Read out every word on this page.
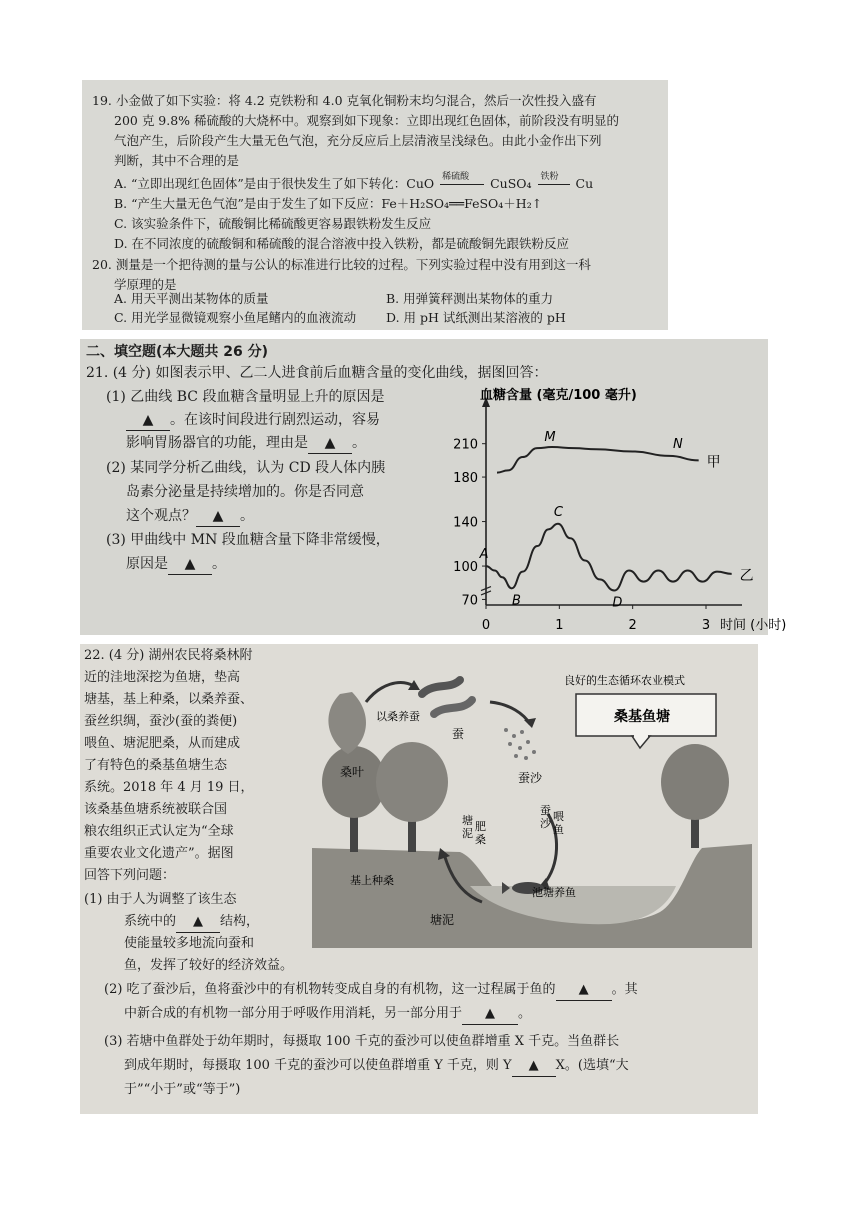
19. 小金做了如下实验：将 4.2 克铁粉和 4.0 克氧化铜粉末均匀混合，然后一次性投入盛有
200 克 9.8% 稀硫酸的大烧杯中。观察到如下现象：立即出现红色固体，前阶段没有明显的
气泡产生，后阶段产生大量无色气泡，充分反应后上层清液呈浅绿色。由此小金作出下列
判断，其中不合理的是
A. “立即出现红色固体”是由于很快发生了如下转化：CuO 稀硫酸 CuSO₄ 铁粉 Cu
B. “产生大量无色气泡”是由于发生了如下反应：Fe＋H₂SO₄══FeSO₄＋H₂↑
C. 该实验条件下，硫酸铜比稀硫酸更容易跟铁粉发生反应
D. 在不同浓度的硫酸铜和稀硫酸的混合溶液中投入铁粉，都是硫酸铜先跟铁粉反应
20. 测量是一个把待测的量与公认的标准进行比较的过程。下列实验过程中没有用到这一科
学原理的是
A. 用天平测出某物体的质量	B. 用弹簧秤测出某物体的重力
C. 用光学显微镜观察小鱼尾鳍内的血液流动 D. 用 pH 试纸测出某溶液的 pH
二、填空题(本大题共 26 分)
21. (4 分) 如图表示甲、乙二人进食前后血糖含量的变化曲线，据图回答：
(1) 乙曲线 BC 段血糖含量明显上升的原因是
▲ 。在该时间段进行剧烈运动，容易
影响胃肠器官的功能，理由是 ▲ 。
(2) 某同学分析乙曲线，认为 CD 段人体内胰
岛素分泌量是持续增加的。你是否同意
这个观点？ ▲ 。
(3) 甲曲线中 MN 段血糖含量下降非常缓慢，
原因是 ▲ 。
血糖含量 (毫克/100 毫升)
时间 (小时)
70
100
140
180
210
0	1	2	3
甲
乙
A
B
C
D
M	N
22. (4 分) 湖州农民将桑林附
近的洼地深挖为鱼塘，垫高
塘基，基上种桑，以桑养蚕、
蚕丝织绸，蚕沙(蚕的粪便)
喂鱼、塘泥肥桑，从而建成
了有特色的桑基鱼塘生态
系统。2018 年 4 月 19 日，
该桑基鱼塘系统被联合国
粮农组织正式认定为“全球
重要农业文化遗产”。据图
回答下列问题：
(1) 由于人为调整了该生态
系统中的 ▲ 结构，
使能量较多地流向蚕和
鱼，发挥了较好的经济效益。
(2) 吃了蚕沙后，鱼将蚕沙中的有机物转变成自身的有机物，这一过程属于鱼的 ▲ 。其
中新合成的有机物一部分用于呼吸作用消耗，另一部分用于 ▲ 。
(3) 若塘中鱼群处于幼年期时，每摄取 100 千克的蚕沙可以使鱼群增重 X 千克。当鱼群长
到成年期时，每摄取 100 千克的蚕沙可以使鱼群增重 Y 千克，则 Y ▲ X。(选填“大
于”“小于”或“等于”)
良好的生态循环农业模式
桑基鱼塘
桑叶
以桑养蚕
蚕
蚕沙
池塘养鱼
塘泥
基上种桑
蚕
沙
喂
鱼
塘
泥
肥
桑
